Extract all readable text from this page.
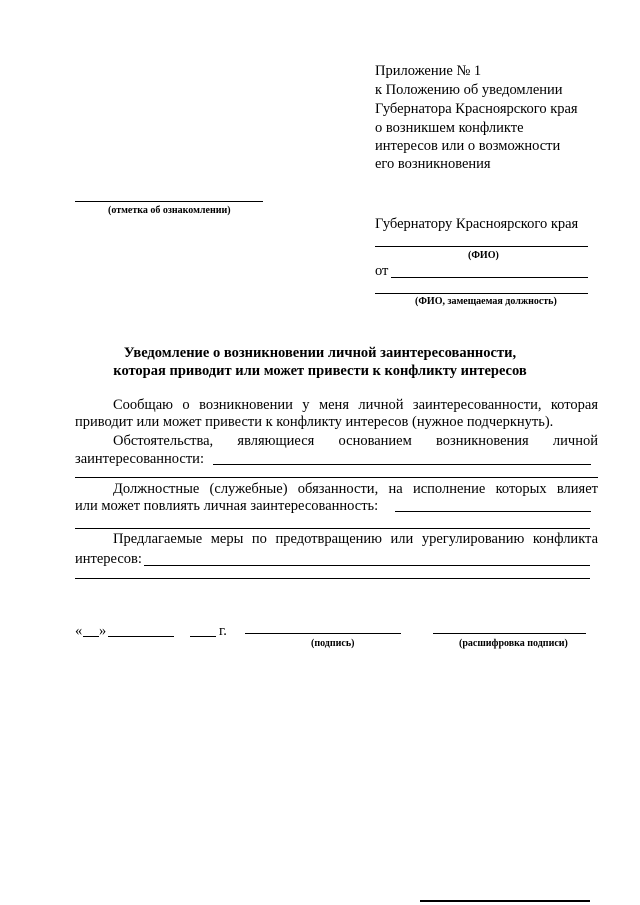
Приложение № 1
к Положению об уведомлении
Губернатора Красноярского края
о возникшем конфликте
интересов или о возможности
его возникновения
(отметка об ознакомлении)
Губернатору Красноярского края
(ФИО)
от
(ФИО, замещаемая должность)
Уведомление о возникновении личной заинтересованности,
которая приводит или может привести к конфликту интересов
Сообщаю о возникновении у меня личной заинтересованности, которая
приводит или может привести к конфликту интересов (нужное подчеркнуть).
Обстоятельства, являющиеся основанием возникновения личной
заинтересованности:
Должностные (служебные) обязанности, на исполнение которых влияет
или может повлиять личная заинтересованность:
Предлагаемые меры по предотвращению или урегулированию конфликта
интересов:
« »	г.
(подпись)	(расшифровка подписи)
